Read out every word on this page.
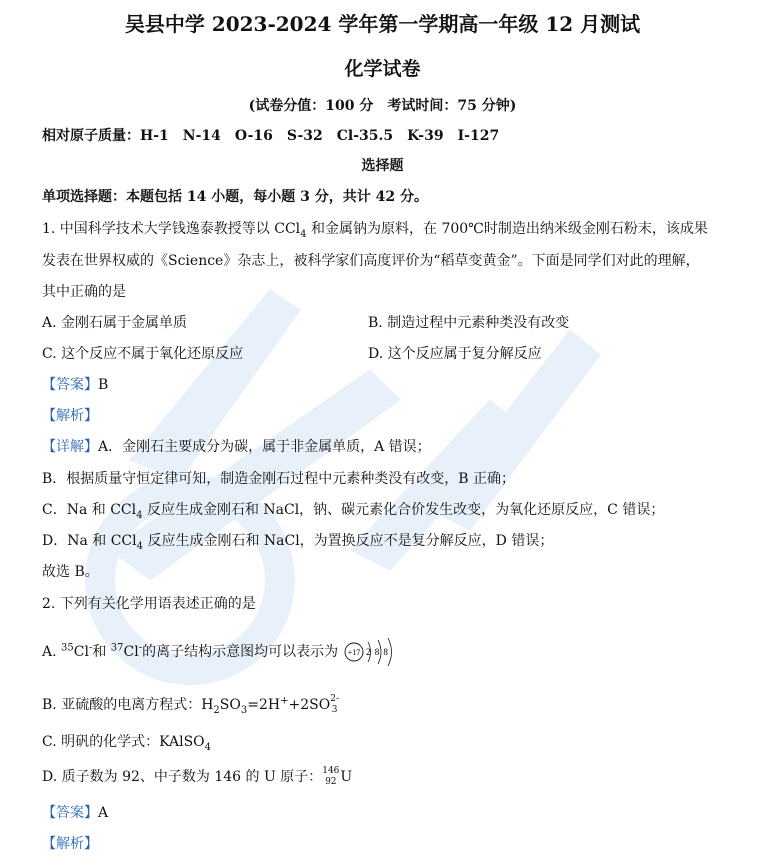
吴县中学 2023-2024 学年第一学期高一年级 12 月测试
化学试卷
(试卷分值：100 分　考试时间：75 分钟)
相对原子质量：H-1　N-14　O-16　S-32　Cl-35.5　K-39　I-127
选择题
单项选择题：本题包括 14 小题，每小题 3 分，共计 42 分。
1. 中国科学技术大学钱逸泰教授等以 CCl$_4$ 和金属钠为原料，在 700℃时制造出纳米级金刚石粉末，该成果
发表在世界权威的《Science》杂志上，被科学家们高度评价为“稻草变黄金”。下面是同学们对此的理解，
其中正确的是
A. 金刚石属于金属单质	B. 制造过程中元素种类没有改变
C. 这个反应不属于氧化还原反应	D. 这个反应属于复分解反应
【答案】B
【解析】
【详解】A．金刚石主要成分为碳，属于非金属单质，A 错误；
B．根据质量守恒定律可知，制造金刚石过程中元素种类没有改变，B 正确；
C．Na 和 CCl$_4$ 反应生成金刚石和 NaCl，钠、碳元素化合价发生改变，为氧化还原反应，C 错误；
D．Na 和 CCl$_4$ 反应生成金刚石和 NaCl，为置换反应不是复分解反应，D 错误；
故选 B。
2. 下列有关化学用语表述正确的是
A. $^{35}$Cl-和 $^{37}$Cl-的离子结构示意图均可以表示为 +17 288
B. 亚硫酸的电离方程式：$H_2SO_3=2H^++2SO$ 2-
3
C. 明矾的化学式：KAlSO$_4$
D. 质子数为 92、中子数为 146 的 U 原子： 146
92 U
【答案】A
【解析】
